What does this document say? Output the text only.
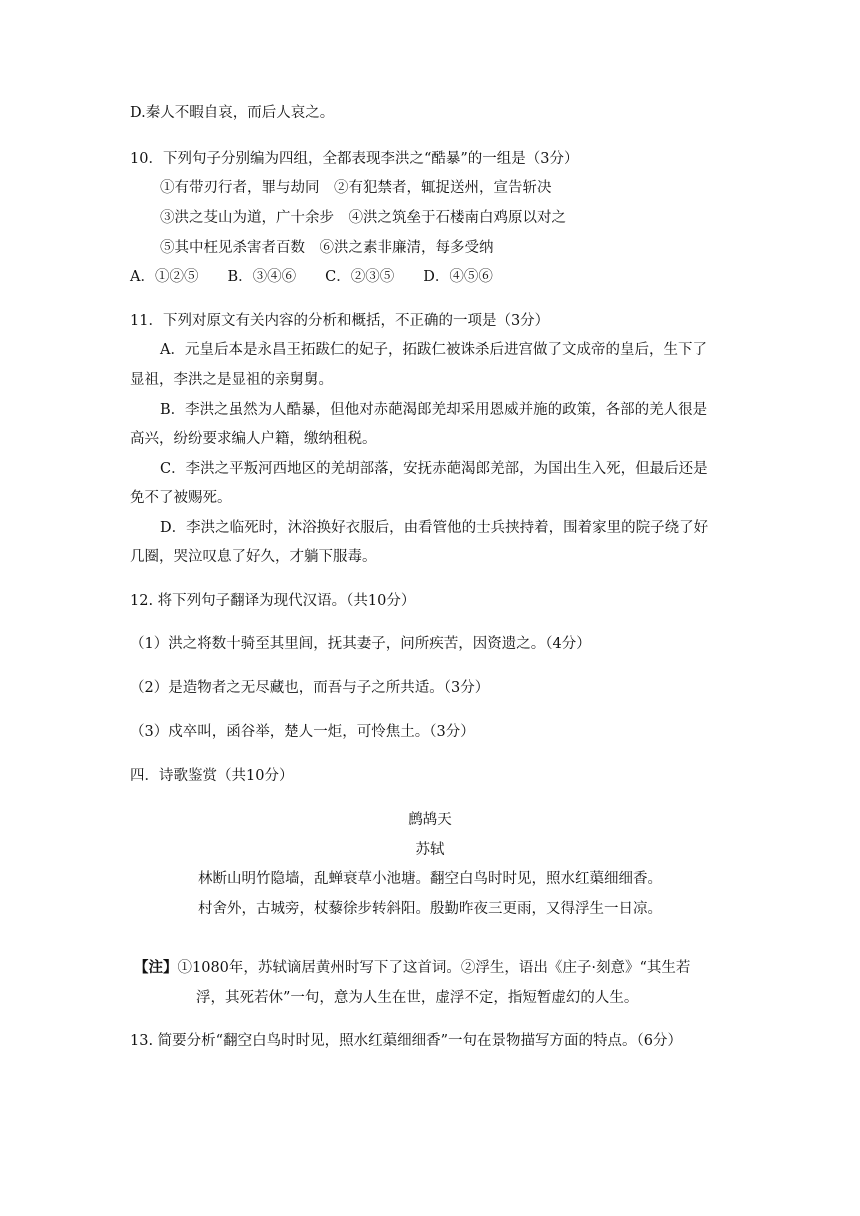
D.秦人不暇自哀，而后人哀之。
10．下列句子分别编为四组，全都表现李洪之“酷暴”的一组是（3分）
①有带刃行者，罪与劫同　②有犯禁者，辄捉送州，宣告斩决
③洪之芟山为道，广十余步　④洪之筑垒于石楼南白鸡原以对之
⑤其中枉见杀害者百数　⑥洪之素非廉清，每多受纳
A．①②⑤　　B．③④⑥　　C．②③⑤　　D．④⑤⑥
11．下列对原文有关内容的分析和概括，不正确的一项是（3分）
A．元皇后本是永昌王拓跋仁的妃子，拓跋仁被诛杀后进宫做了文成帝的皇后，生下了
显祖，李洪之是显祖的亲舅舅。
B．李洪之虽然为人酷暴，但他对赤葩渴郎羌却采用恩威并施的政策，各部的羌人很是
高兴，纷纷要求编人户籍，缴纳租税。
C．李洪之平叛河西地区的羌胡部落，安抚赤葩渴郎羌部，为国出生入死，但最后还是
免不了被赐死。
D．李洪之临死时，沐浴换好衣服后，由看管他的士兵挟持着，围着家里的院子绕了好
几圈，哭泣叹息了好久，才躺下服毒。
12. 将下列句子翻译为现代汉语。（共10分）
（1）洪之将数十骑至其里闾，抚其妻子，问所疾苦，因资遗之。（4分）
（2）是造物者之无尽藏也，而吾与子之所共适。（3分）
（3）戍卒叫，函谷举，楚人一炬，可怜焦土。（3分）
四．诗歌鉴赏（共10分）
鹧鸪天
苏轼
林断山明竹隐墙，乱蝉衰草小池塘。翻空白鸟时时见，照水红蕖细细香。
村舍外，古城旁，杖藜徐步转斜阳。殷勤昨夜三更雨，又得浮生一日凉。
【注】①1080年，苏轼谪居黄州时写下了这首词。②浮生，语出《庄子·刻意》“其生若
浮，其死若休”一句，意为人生在世，虚浮不定，指短暂虚幻的人生。
13. 简要分析“翻空白鸟时时见，照水红蕖细细香”一句在景物描写方面的特点。（6分）
